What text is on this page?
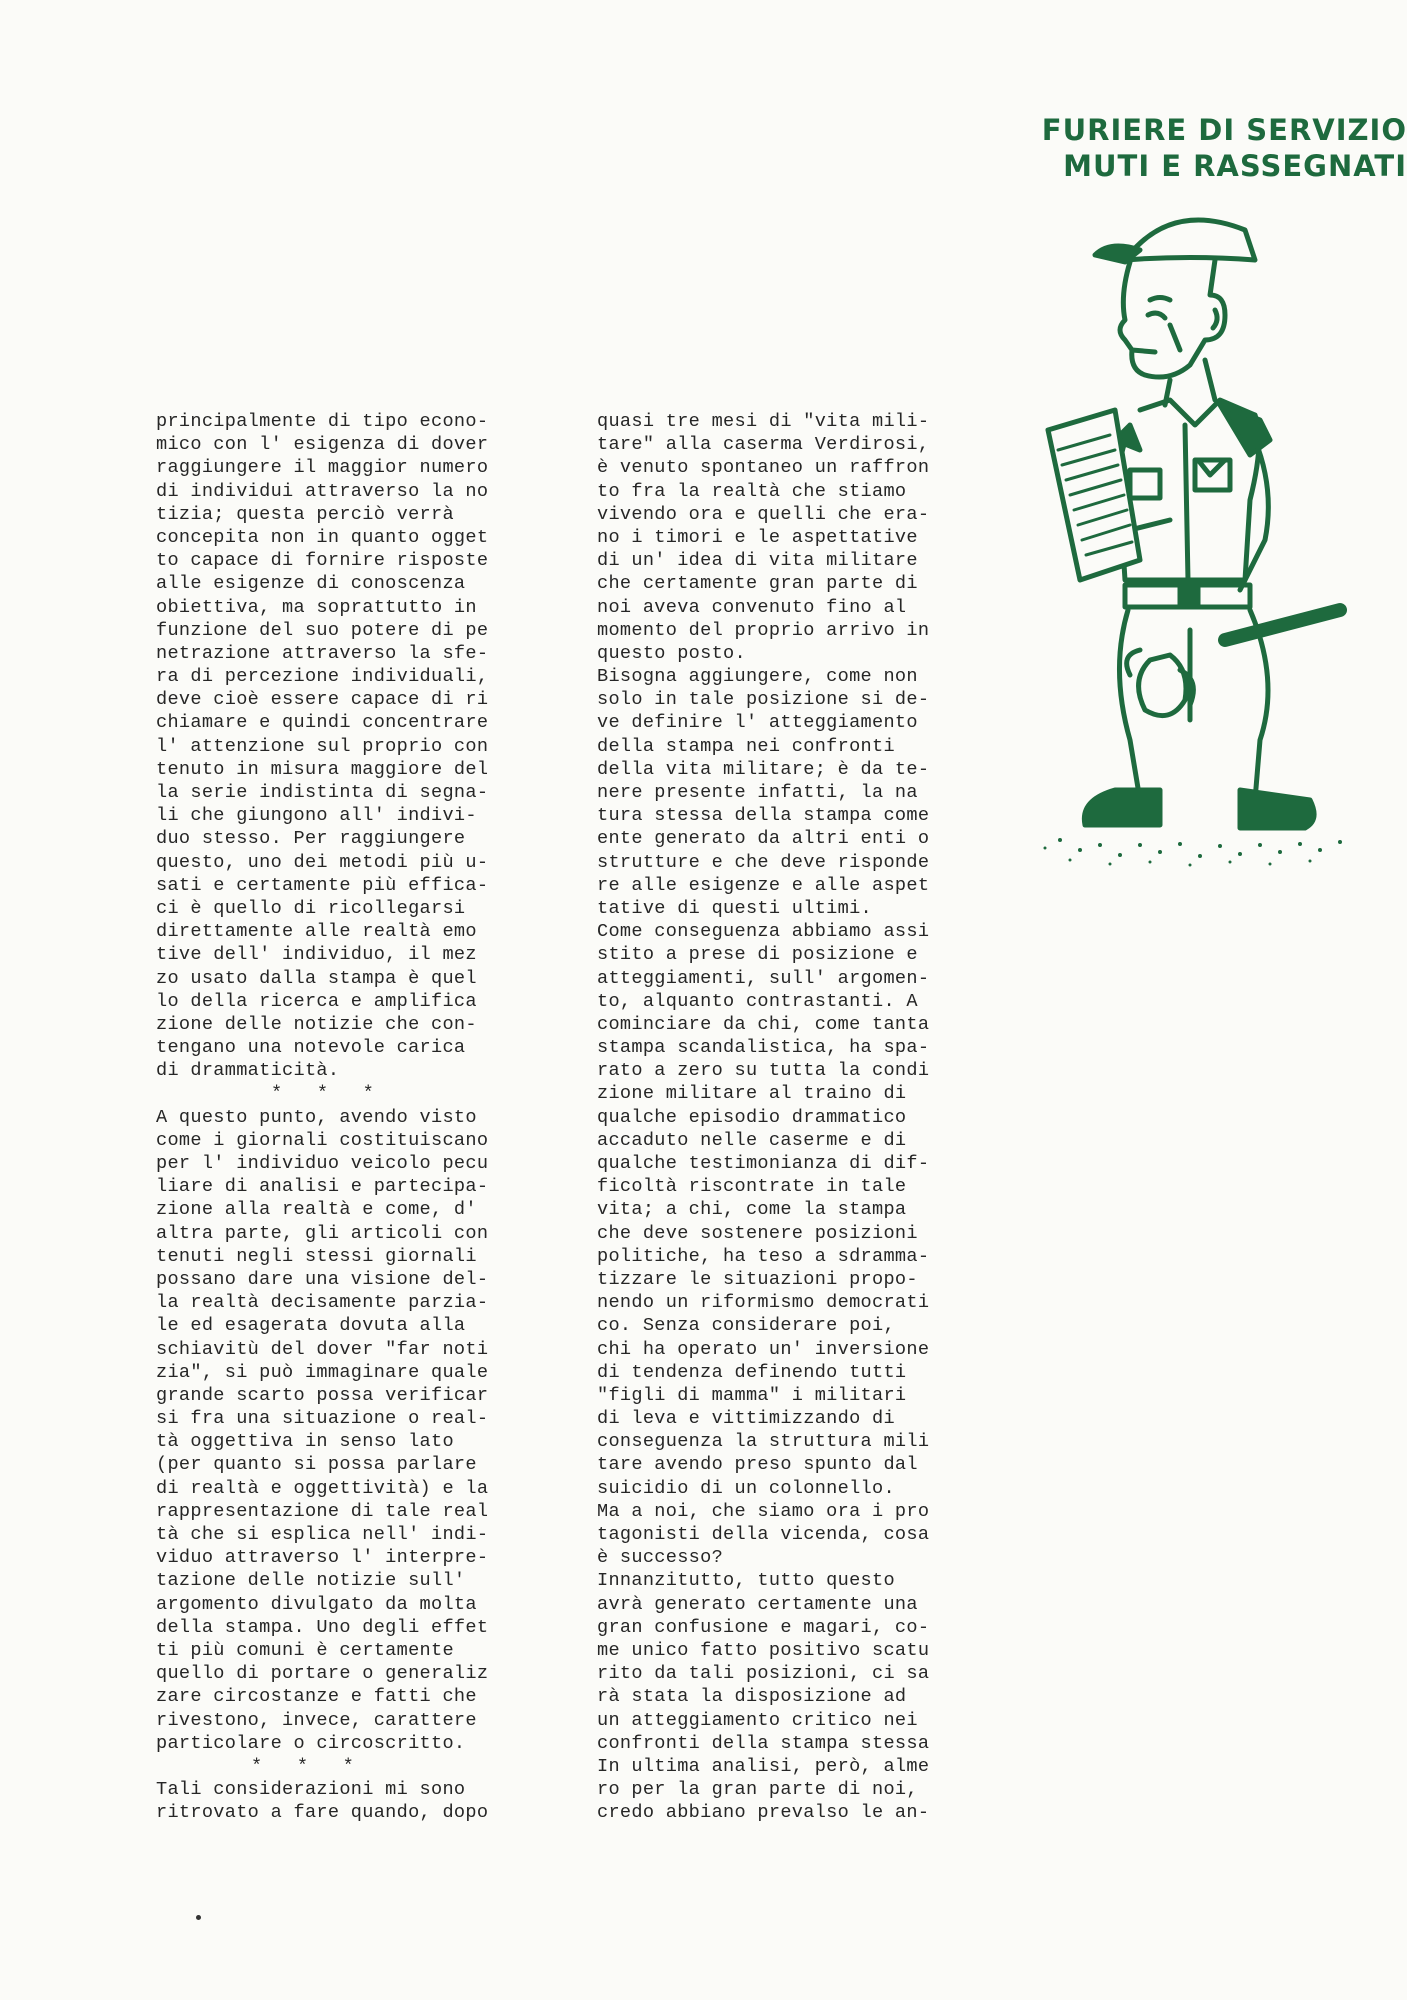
FURIERE DI SERVIZIO
MUTI E RASSEGNATI
principalmente di tipo econo-
mico con l' esigenza di dover
raggiungere il maggior numero
di individui attraverso la no
tizia; questa perciò verrà
concepita non in quanto ogget
to capace di fornire risposte
alle esigenze di conoscenza
obiettiva, ma soprattutto in
funzione del suo potere di pe
netrazione attraverso la sfe-
ra di percezione individuali,
deve cioè essere capace di ri
chiamare e quindi concentrare
l' attenzione sul proprio con
tenuto in misura maggiore del
la serie indistinta di segna-
li che giungono all' indivi-
duo stesso. Per raggiungere
questo, uno dei metodi più u-
sati e certamente più effica-
ci è quello di ricollegarsi
direttamente alle realtà emo
tive dell' individuo, il mez
zo usato dalla stampa è quel
lo della ricerca e amplifica
zione delle notizie che con-
tengano una notevole carica
di drammaticità.
*   *   *
A questo punto, avendo visto
come i giornali costituiscano
per l' individuo veicolo pecu
liare di analisi e partecipa-
zione alla realtà e come, d'
altra parte, gli articoli con
tenuti negli stessi giornali
possano dare una visione del-
la realtà decisamente parzia-
le ed esagerata dovuta alla
schiavitù del dover "far noti
zia", si può immaginare quale
grande scarto possa verificar
si fra una situazione o real-
tà oggettiva in senso lato
(per quanto si possa parlare
di realtà e oggettività) e la
rappresentazione di tale real
tà che si esplica nell' indi-
viduo attraverso l' interpre-
tazione delle notizie sull'
argomento divulgato da molta
della stampa. Uno degli effet
ti più comuni è certamente
quello di portare o generaliz
zare circostanze e fatti che
rivestono, invece, carattere
particolare o circoscritto.
*   *   *
Tali considerazioni mi sono
ritrovato a fare quando, dopo
quasi tre mesi di "vita mili-
tare" alla caserma Verdirosi,
è venuto spontaneo un raffron
to fra la realtà che stiamo
vivendo ora e quelli che era-
no i timori e le aspettative
di un' idea di vita militare
che certamente gran parte di
noi aveva convenuto fino al
momento del proprio arrivo in
questo posto.
Bisogna aggiungere, come non
solo in tale posizione si de-
ve definire l' atteggiamento
della stampa nei confronti
della vita militare; è da te-
nere presente infatti, la na
tura stessa della stampa come
ente generato da altri enti o
strutture e che deve risponde
re alle esigenze e alle aspet
tative di questi ultimi.
Come conseguenza abbiamo assi
stito a prese di posizione e
atteggiamenti, sull' argomen-
to, alquanto contrastanti. A
cominciare da chi, come tanta
stampa scandalistica, ha spa-
rato a zero su tutta la condi
zione militare al traino di
qualche episodio drammatico
accaduto nelle caserme e di
qualche testimonianza di dif-
ficoltà riscontrate in tale
vita; a chi, come la stampa
che deve sostenere posizioni
politiche, ha teso a sdramma-
tizzare le situazioni propo-
nendo un riformismo democrati
co. Senza considerare poi,
chi ha operato un' inversione
di tendenza definendo tutti
"figli di mamma" i militari
di leva e vittimizzando di
conseguenza la struttura mili
tare avendo preso spunto dal
suicidio di un colonnello.
Ma a noi, che siamo ora i pro
tagonisti della vicenda, cosa
è successo?
Innanzitutto, tutto questo
avrà generato certamente una
gran confusione e magari, co-
me unico fatto positivo scatu
rito da tali posizioni, ci sa
rà stata la disposizione ad
un atteggiamento critico nei
confronti della stampa stessa
In ultima analisi, però, alme
ro per la gran parte di noi,
credo abbiano prevalso le an-
